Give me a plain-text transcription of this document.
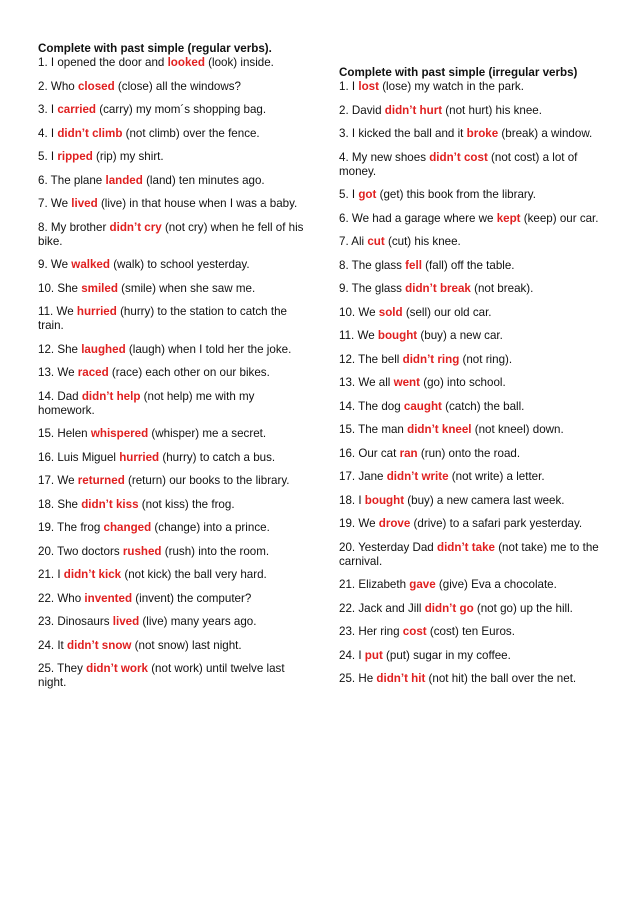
Complete with past simple (regular verbs).

1. I opened the door and looked (look) inside.

2. Who closed (close) all the windows?

3. I carried (carry) my mom´s shopping bag.

4. I didn’t climb (not climb) over the fence.

5. I ripped (rip) my shirt.

6. The plane landed (land) ten minutes ago.

7. We lived (live) in that house when I was a baby.

8. My brother didn’t cry (not cry) when he fell of his bike.

9. We walked (walk) to school yesterday.

10. She smiled (smile) when she saw me.

11. We hurried (hurry) to the station to catch the train.

12. She laughed (laugh) when I told her the joke.

13. We raced (race) each other on our bikes.

14. Dad didn’t help (not help) me with my homework.

15. Helen whispered (whisper) me a secret.

16. Luis Miguel hurried (hurry) to catch a bus.

17. We returned (return) our books to the library.

18. She didn’t kiss (not kiss) the frog.

19. The frog changed (change) into a prince.

20. Two doctors rushed (rush) into the room.

21. I didn’t kick (not kick) the ball very hard.

22. Who invented (invent) the computer?

23. Dinosaurs lived (live) many years ago.

24. It didn’t snow (not snow) last night.

25. They didn’t work (not work) until twelve last night.

Complete with past simple (irregular verbs)

1. I lost (lose) my watch in the park.

2. David didn’t hurt (not hurt) his knee.

3. I kicked the ball and it broke (break) a window.

4. My new shoes didn’t cost (not cost) a lot of money.

5. I got (get) this book from the library.

6. We had a garage where we kept (keep) our car.

7. Ali cut (cut) his knee.

8. The glass fell (fall) off the table.

9. The glass didn’t break (not break).

10. We sold (sell) our old car.

11. We bought (buy) a new car.

12. The bell didn’t ring (not ring).

13. We all went (go) into school.

14. The dog caught (catch) the ball.

15. The man didn’t kneel (not kneel) down.

16. Our cat ran (run) onto the road.

17. Jane didn’t write (not write) a letter.

18. I bought (buy) a new camera last week.

19. We drove (drive) to a safari park yesterday.

20. Yesterday Dad didn’t take (not take) me to the carnival.

21. Elizabeth gave (give) Eva a chocolate.

22. Jack and Jill didn’t go (not go) up the hill.

23. Her ring cost (cost) ten Euros.

24. I put (put) sugar in my coffee.

25. He didn’t hit (not hit) the ball over the net.
